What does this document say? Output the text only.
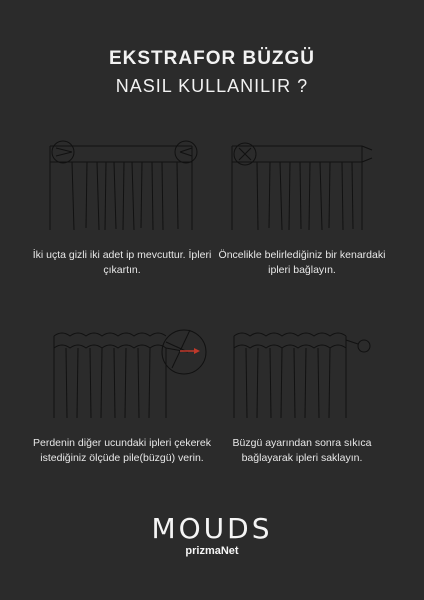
EKSTRAFOR BÜZGÜ
NASIL KULLANILIR ?
İki uçta gizli iki adet ip mevcuttur. İpleri çıkartın.
Öncelikle belirlediğiniz bir kenardaki ipleri bağlayın.
Perdenin diğer ucundaki ipleri çekerek istediğiniz ölçüde pile(büzgü) verin.
Büzgü ayarından sonra sıkıca bağlayarak ipleri saklayın.
MOUDS
prizmaNet
